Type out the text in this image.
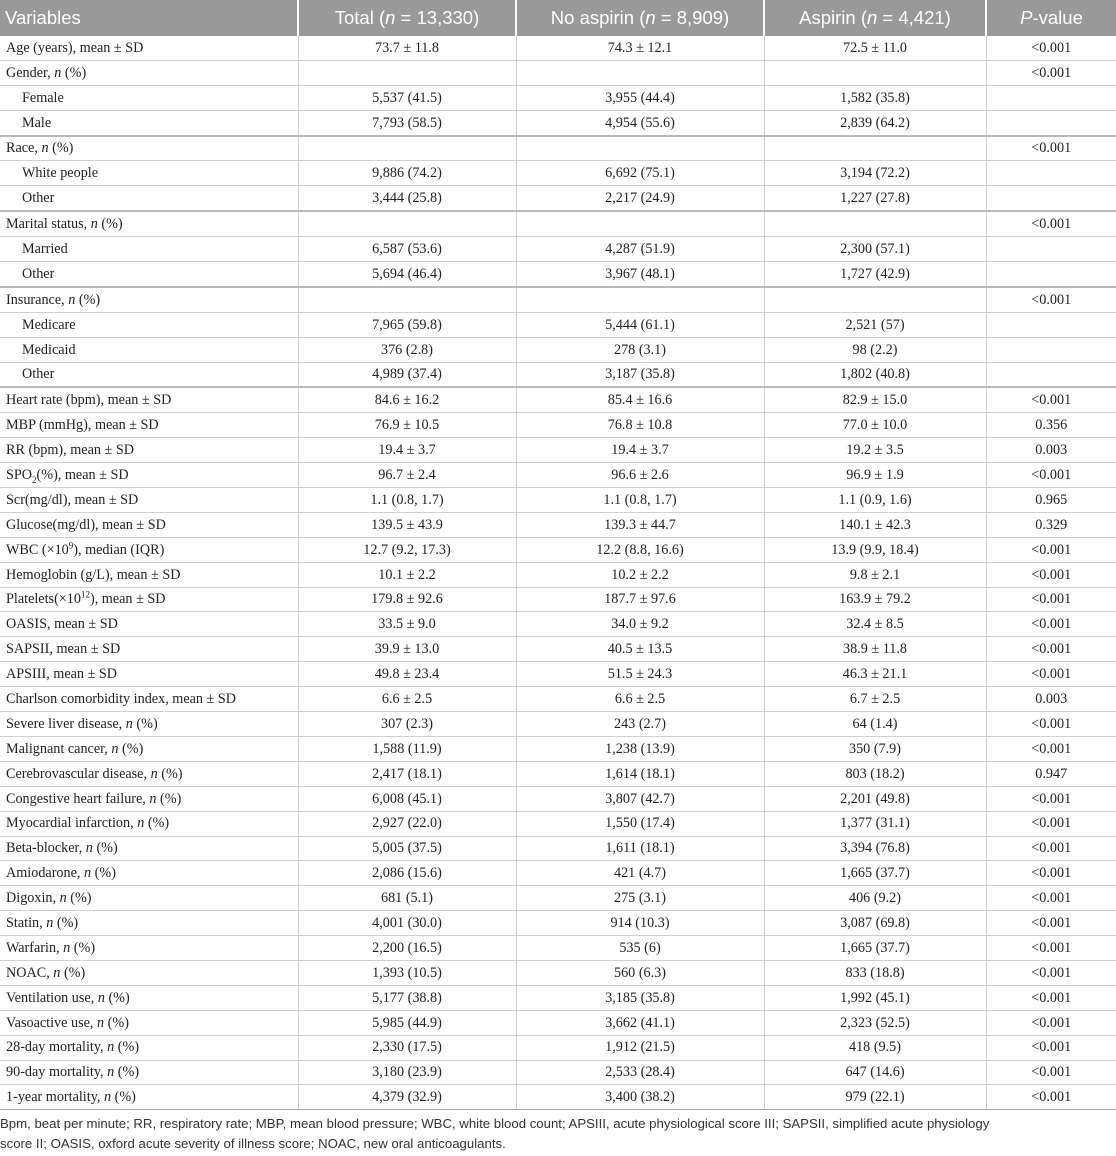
Variables	Total (n = 13,330)	No aspirin (n = 8,909)	Aspirin (n = 4,421)	P-value
Age (years), mean ± SD	73.7 ± 11.8	74.3 ± 12.1	72.5 ± 11.0	<0.001
Gender, n (%)				<0.001
Female	5,537 (41.5)	3,955 (44.4)	1,582 (35.8)	
Male	7,793 (58.5)	4,954 (55.6)	2,839 (64.2)	
Race, n (%)				<0.001
White people	9,886 (74.2)	6,692 (75.1)	3,194 (72.2)	
Other	3,444 (25.8)	2,217 (24.9)	1,227 (27.8)	
Marital status, n (%)				<0.001
Married	6,587 (53.6)	4,287 (51.9)	2,300 (57.1)	
Other	5,694 (46.4)	3,967 (48.1)	1,727 (42.9)	
Insurance, n (%)				<0.001
Medicare	7,965 (59.8)	5,444 (61.1)	2,521 (57)	
Medicaid	376 (2.8)	278 (3.1)	98 (2.2)	
Other	4,989 (37.4)	3,187 (35.8)	1,802 (40.8)	
Heart rate (bpm), mean ± SD	84.6 ± 16.2	85.4 ± 16.6	82.9 ± 15.0	<0.001
MBP (mmHg), mean ± SD	76.9 ± 10.5	76.8 ± 10.8	77.0 ± 10.0	0.356
RR (bpm), mean ± SD	19.4 ± 3.7	19.4 ± 3.7	19.2 ± 3.5	0.003
$SPO_2(\%)$, mean ± SD	96.7 ± 2.4	96.6 ± 2.6	96.9 ± 1.9	<0.001
Scr(mg/dl), mean ± SD	1.1 (0.8, 1.7)	1.1 (0.8, 1.7)	1.1 (0.9, 1.6)	0.965
Glucose(mg/dl), mean ± SD	139.5 ± 43.9	139.3 ± 44.7	140.1 ± 42.3	0.329
WBC $(\times 10^9)$, median (IQR)	12.7 (9.2, 17.3)	12.2 (8.8, 16.6)	13.9 (9.9, 18.4)	<0.001
Hemoglobin (g/L), mean ± SD	10.1 ± 2.2	10.2 ± 2.2	9.8 ± 2.1	<0.001
$Platelets(\times 10^{12})$, mean ± SD	179.8 ± 92.6	187.7 ± 97.6	163.9 ± 79.2	<0.001
OASIS, mean ± SD	33.5 ± 9.0	34.0 ± 9.2	32.4 ± 8.5	<0.001
SAPSII, mean ± SD	39.9 ± 13.0	40.5 ± 13.5	38.9 ± 11.8	<0.001
APSIII, mean ± SD	49.8 ± 23.4	51.5 ± 24.3	46.3 ± 21.1	<0.001
Charlson comorbidity index, mean ± SD	6.6 ± 2.5	6.6 ± 2.5	6.7 ± 2.5	0.003
Severe liver disease, n (%)	307 (2.3)	243 (2.7)	64 (1.4)	<0.001
Malignant cancer, n (%)	1,588 (11.9)	1,238 (13.9)	350 (7.9)	<0.001
Cerebrovascular disease, n (%)	2,417 (18.1)	1,614 (18.1)	803 (18.2)	0.947
Congestive heart failure, n (%)	6,008 (45.1)	3,807 (42.7)	2,201 (49.8)	<0.001
Myocardial infarction, n (%)	2,927 (22.0)	1,550 (17.4)	1,377 (31.1)	<0.001
Beta-blocker, n (%)	5,005 (37.5)	1,611 (18.1)	3,394 (76.8)	<0.001
Amiodarone, n (%)	2,086 (15.6)	421 (4.7)	1,665 (37.7)	<0.001
Digoxin, n (%)	681 (5.1)	275 (3.1)	406 (9.2)	<0.001
Statin, n (%)	4,001 (30.0)	914 (10.3)	3,087 (69.8)	<0.001
Warfarin, n (%)	2,200 (16.5)	535 (6)	1,665 (37.7)	<0.001
NOAC, n (%)	1,393 (10.5)	560 (6.3)	833 (18.8)	<0.001
Ventilation use, n (%)	5,177 (38.8)	3,185 (35.8)	1,992 (45.1)	<0.001
Vasoactive use, n (%)	5,985 (44.9)	3,662 (41.1)	2,323 (52.5)	<0.001
28-day mortality, n (%)	2,330 (17.5)	1,912 (21.5)	418 (9.5)	<0.001
90-day mortality, n (%)	3,180 (23.9)	2,533 (28.4)	647 (14.6)	<0.001
1-year mortality, n (%)	4,379 (32.9)	3,400 (38.2)	979 (22.1)	<0.001
Bpm, beat per minute; RR, respiratory rate; MBP, mean blood pressure; WBC, white blood count; APSIII, acute physiological score III; SAPSII, simplified acute physiology
score II; OASIS, oxford acute severity of illness score; NOAC, new oral anticoagulants.
